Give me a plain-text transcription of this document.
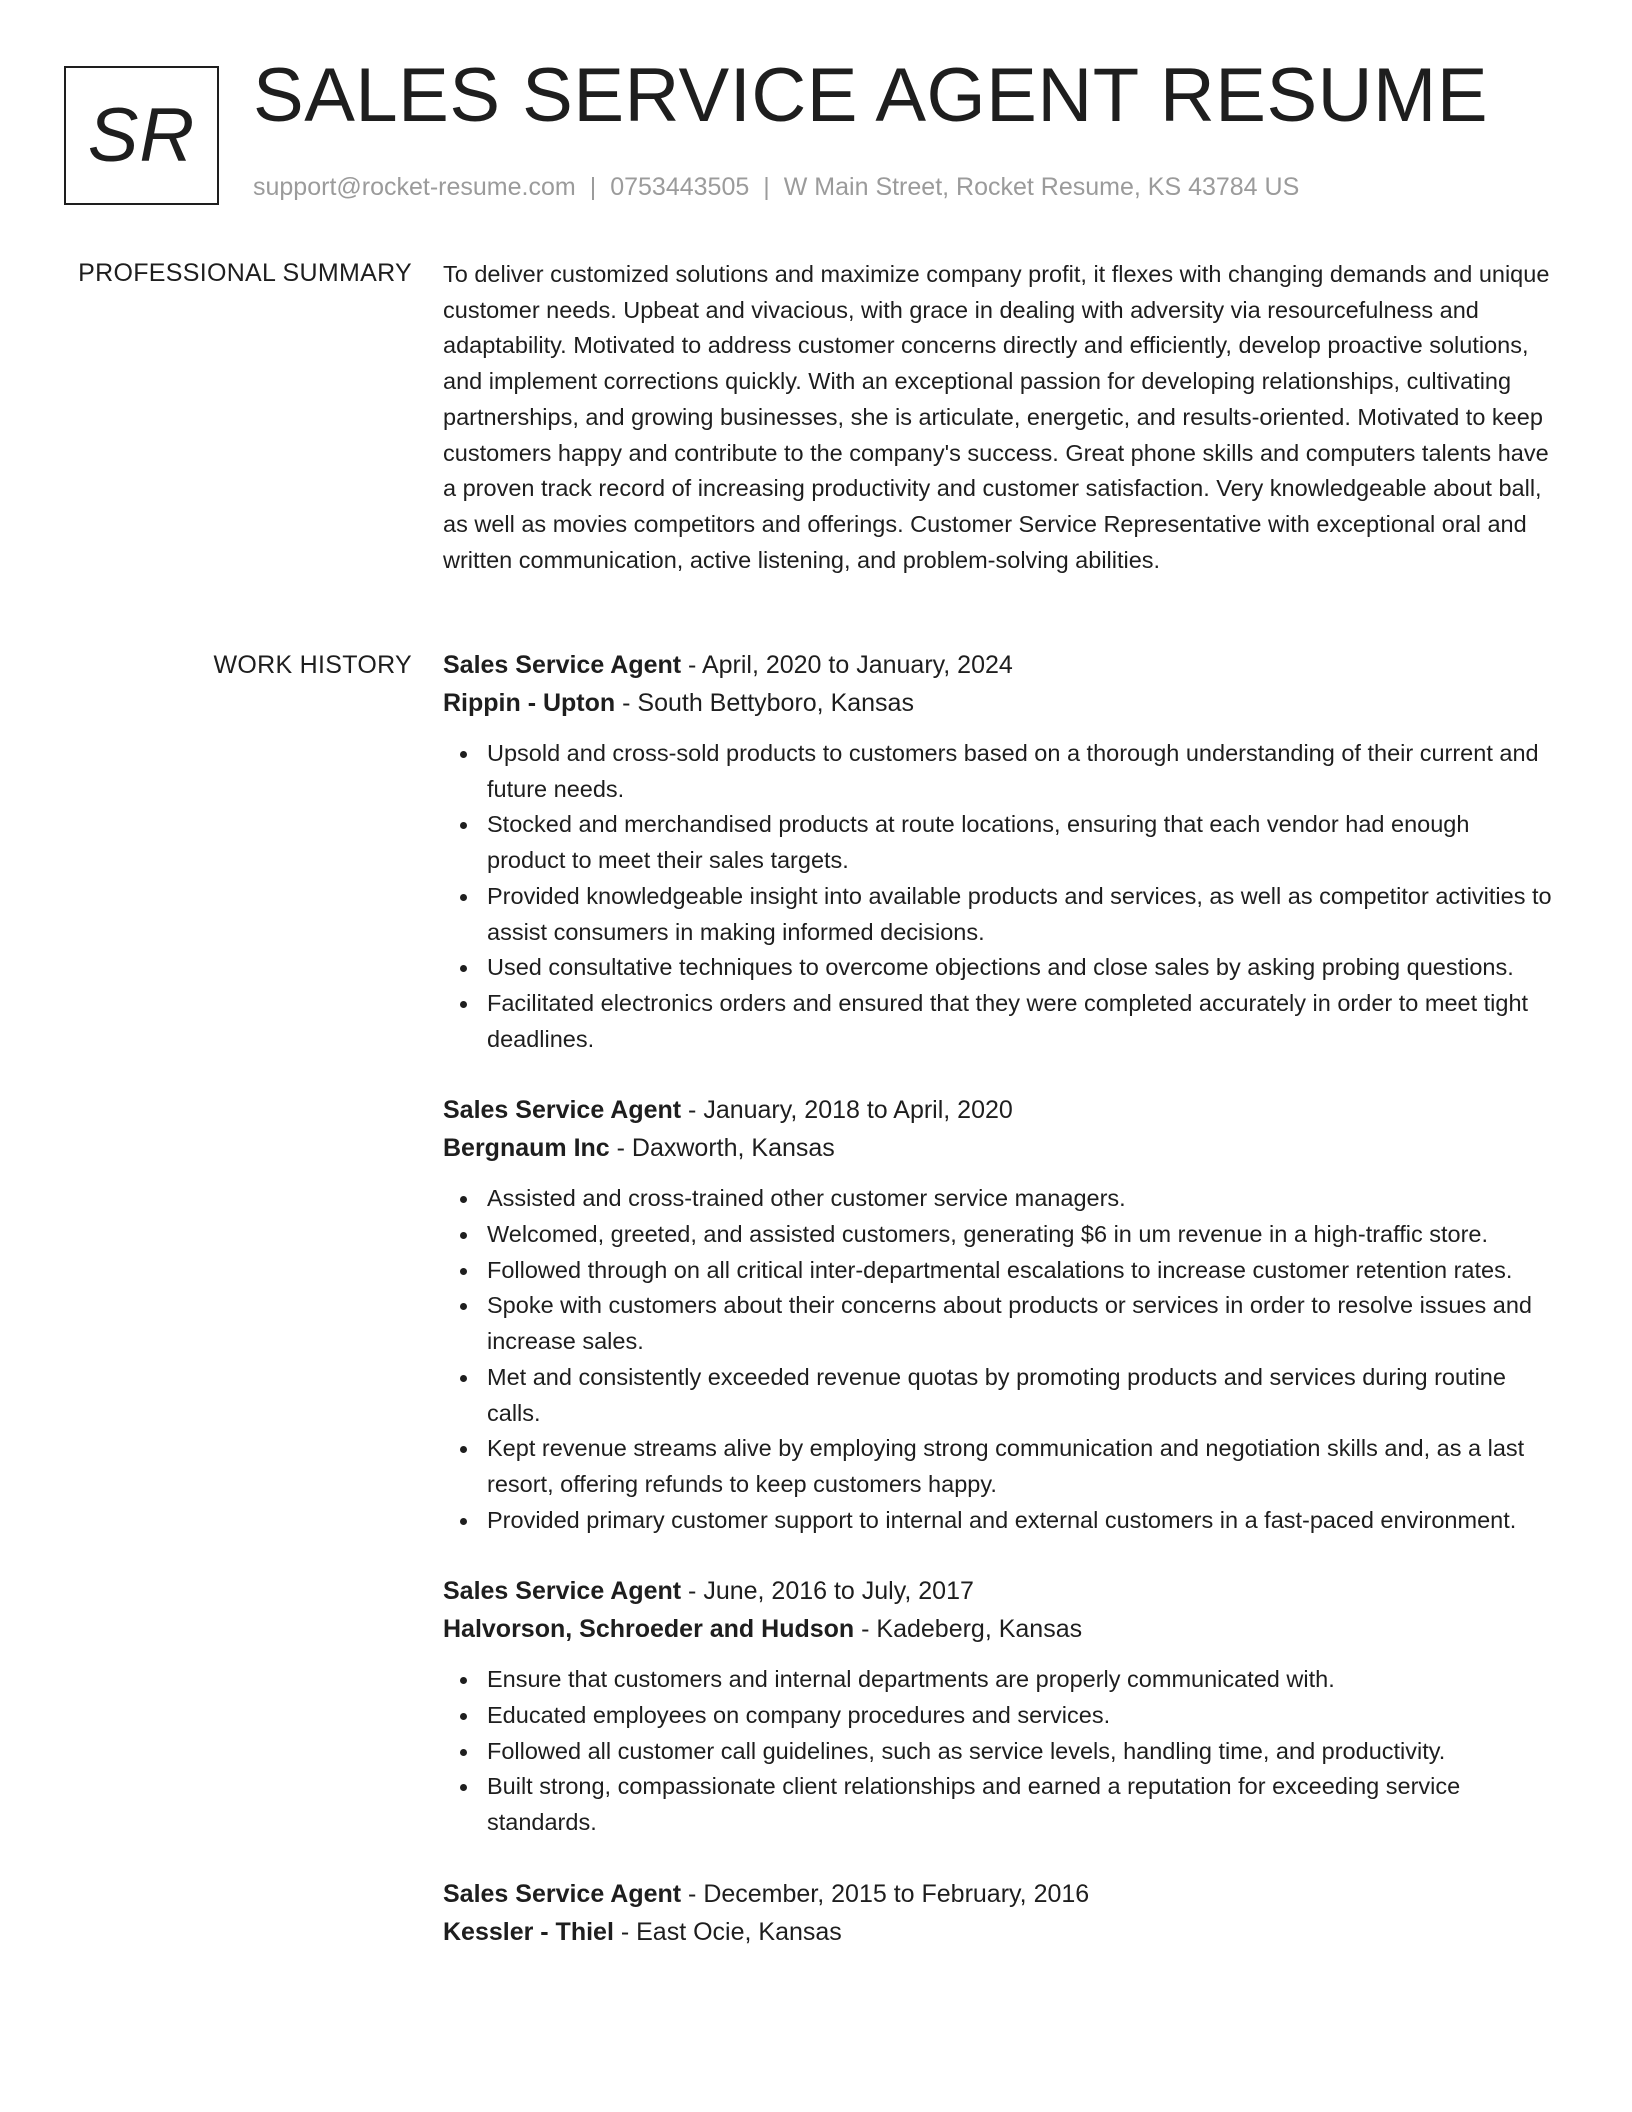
SR SALES SERVICE AGENT RESUME
support@rocket-resume.com | 0753443505 | W Main Street, Rocket Resume, KS 43784 US
PROFESSIONAL SUMMARY To deliver customized solutions and maximize company profit, it flexes with changing demands and unique customer needs. Upbeat and vivacious, with grace in dealing with adversity via resourcefulness and adaptability. Motivated to address customer concerns directly and efficiently, develop proactive solutions, and implement corrections quickly. With an exceptional passion for developing relationships, cultivating partnerships, and growing businesses, she is articulate, energetic, and results-oriented. Motivated to keep customers happy and contribute to the company's success. Great phone skills and computers talents have a proven track record of increasing productivity and customer satisfaction. Very knowledgeable about ball, as well as movies competitors and offerings. Customer Service Representative with exceptional oral and written communication, active listening, and problem-solving abilities.

WORK HISTORY Sales Service Agent - April, 2020 to January, 2024
Rippin - Upton - South Bettyboro, Kansas
Upsold and cross-sold products to customers based on a thorough understanding of their current and future needs.
Stocked and merchandised products at route locations, ensuring that each vendor had enough product to meet their sales targets.
Provided knowledgeable insight into available products and services, as well as competitor activities to assist consumers in making informed decisions.
Used consultative techniques to overcome objections and close sales by asking probing questions.
Facilitated electronics orders and ensured that they were completed accurately in order to meet tight deadlines.
Sales Service Agent - January, 2018 to April, 2020
Bergnaum Inc - Daxworth, Kansas
Assisted and cross-trained other customer service managers.
Welcomed, greeted, and assisted customers, generating $6 in um revenue in a high-traffic store.
Followed through on all critical inter-departmental escalations to increase customer retention rates.
Spoke with customers about their concerns about products or services in order to resolve issues and increase sales.
Met and consistently exceeded revenue quotas by promoting products and services during routine calls.
Kept revenue streams alive by employing strong communication and negotiation skills and, as a last resort, offering refunds to keep customers happy.
Provided primary customer support to internal and external customers in a fast-paced environment.
Sales Service Agent - June, 2016 to July, 2017
Halvorson, Schroeder and Hudson - Kadeberg, Kansas
Ensure that customers and internal departments are properly communicated with.
Educated employees on company procedures and services.
Followed all customer call guidelines, such as service levels, handling time, and productivity.
Built strong, compassionate client relationships and earned a reputation for exceeding service standards.
Sales Service Agent - December, 2015 to February, 2016
Kessler - Thiel - East Ocie, Kansas
